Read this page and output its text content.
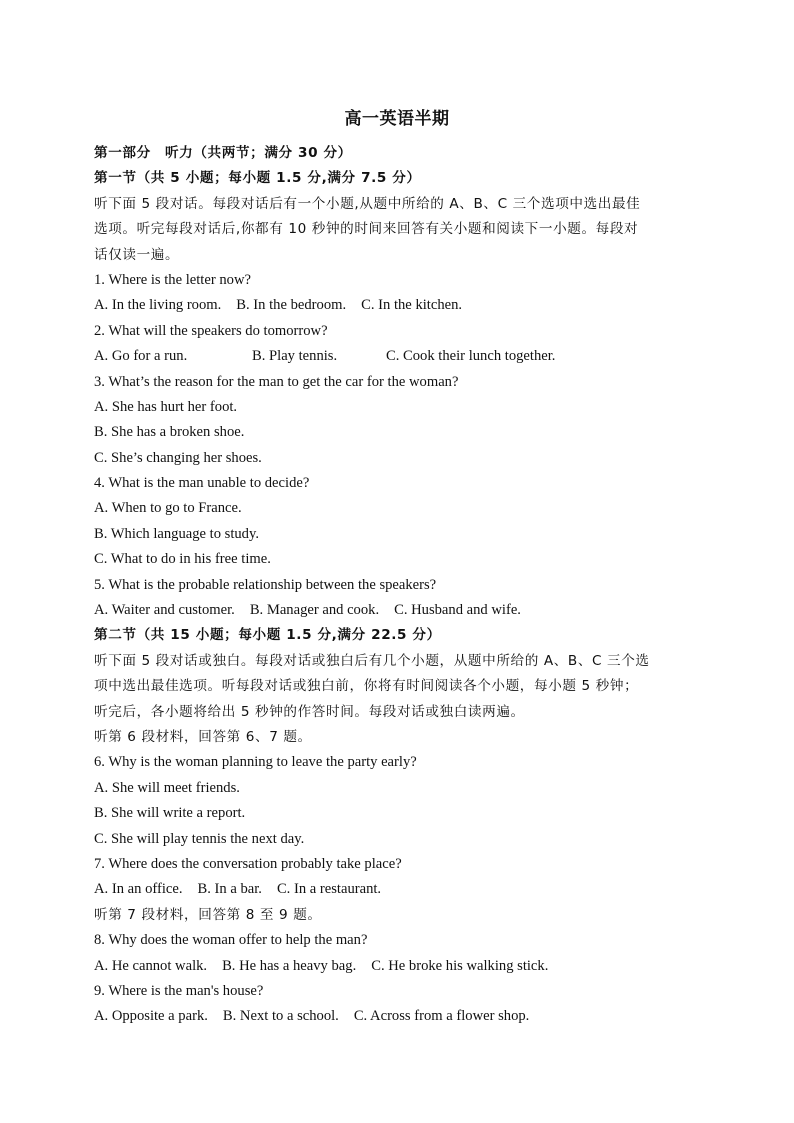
高一英语半期
第一部分　听力（共两节；满分 30 分）
第一节（共 5 小题；每小题 1.5 分,满分 7.5 分）
听下面 5 段对话。每段对话后有一个小题,从题中所给的 A、B、C 三个选项中选出最佳
选项。听完每段对话后,你都有 10 秒钟的时间来回答有关小题和阅读下一小题。每段对
话仅读一遍。
1. Where is the letter now?
A. In the living room. B. In the bedroom. C. In the kitchen.
2. What will the speakers do tomorrow?
A. Go for a run.	B. Play tennis.	C. Cook their lunch together.
3. What’s the reason for the man to get the car for the woman?
A. She has hurt her foot.
B. She has a broken shoe.
C. She’s changing her shoes.
4. What is the man unable to decide?
A. When to go to France.
B. Which language to study.
C. What to do in his free time.
5. What is the probable relationship between the speakers?
A. Waiter and customer. B. Manager and cook. C. Husband and wife.
第二节（共 15 小题；每小题 1.5 分,满分 22.5 分）
听下面 5 段对话或独白。每段对话或独白后有几个小题，从题中所给的 A、B、C 三个选
项中选出最佳选项。听每段对话或独白前，你将有时间阅读各个小题，每小题 5 秒钟；
听完后，各小题将给出 5 秒钟的作答时间。每段对话或独白读两遍。
听第 6 段材料，回答第 6、7 题。
6. Why is the woman planning to leave the party early?
A. She will meet friends.
B. She will write a report.
C. She will play tennis the next day.
7. Where does the conversation probably take place?
A. In an office. B. In a bar. C. In a restaurant.
听第 7 段材料，回答第 8 至 9 题。
8. Why does the woman offer to help the man?
A. He cannot walk. B. He has a heavy bag. C. He broke his walking stick.
9. Where is the man's house?
A. Opposite a park. B. Next to a school. C. Across from a flower shop.
